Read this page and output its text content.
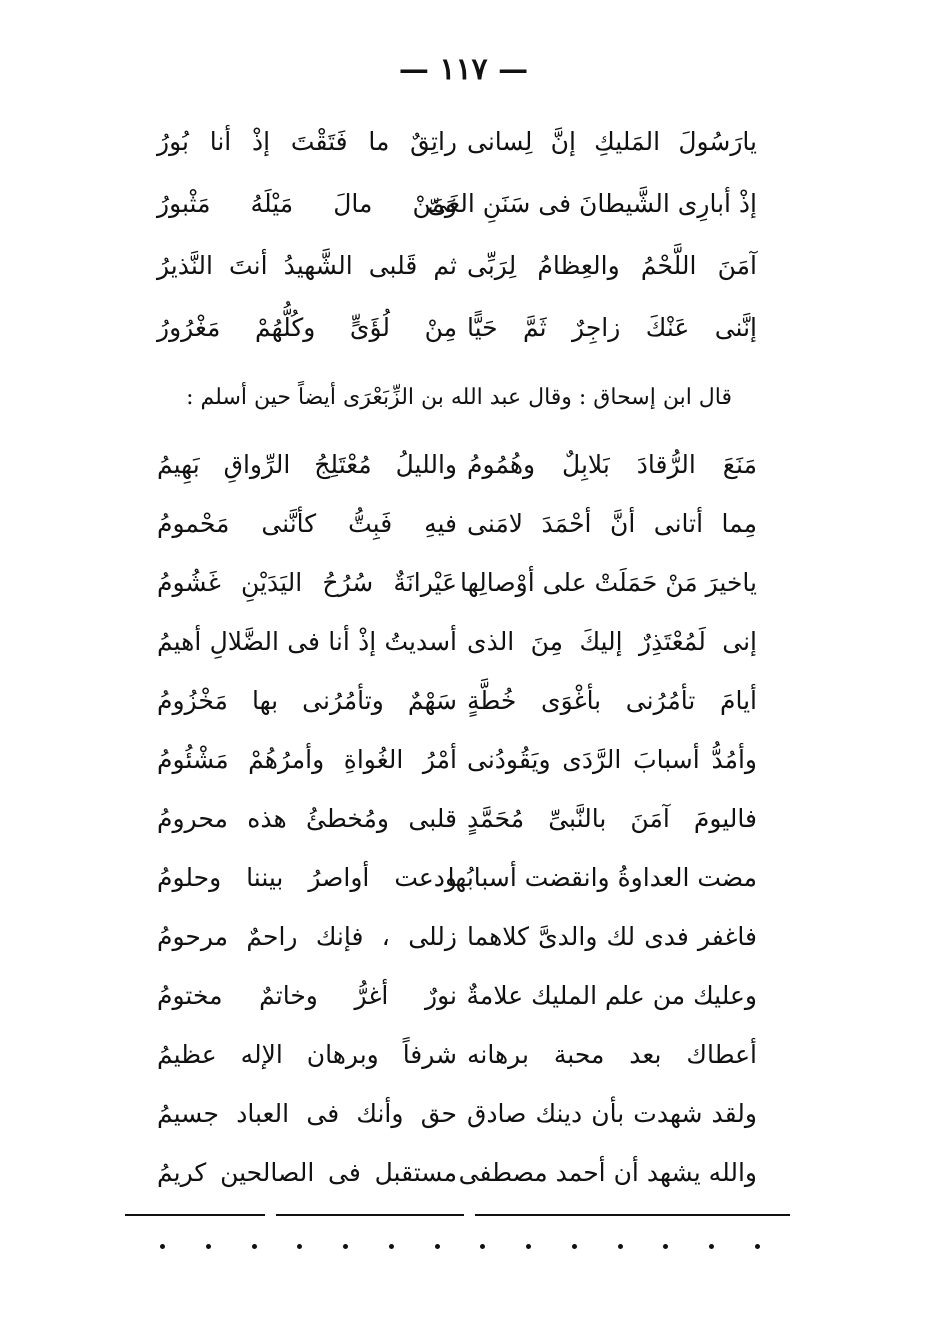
— ١١٧ —
يارَسُولَ المَليكِ إنَّ لِسانى
راتِقٌ ما فَتَقْتَ إذْ أنا بُورُ
إذْ أبارِى الشَّيطانَ فى سَنَنِ الغَىّ
وَمَنْ مالَ مَيْلَهُ مَثْبورُ
آمَنَ اللَّحْمُ والعِظامُ لِرَبِّى
ثم قَلبى الشَّهيدُ أنتَ النَّذيرُ
إنَّنى عَنْكَ زاجِرٌ ثَمَّ حَيًّا
مِنْ لُؤَىٍّ وكُلُّهُمْ مَغْرُورُ
قال ابن إسحاق : وقال عبد الله بن الزِّبَعْرَى أيضاً حين أسلم :
مَنَعَ الرُّقادَ بَلابِلٌ وهُمُومُ
والليلُ مُعْتَلِجُ الرِّواقِ بَهِيمُ
مِما أتانى أنَّ أحْمَدَ لامَنى
فيهِ فَبِتُّ كأنَّنى مَحْمومُ
ياخيرَ مَنْ حَمَلَتْ على أوْصالِها
عَيْرانَةٌ سُرُحُ اليَدَيْنِ غَشُومُ
إنى لَمُعْتَذِرٌ إليكَ مِنَ الذى
أسديتُ إذْ أنا فى الضَّلالِ أهيمُ
أيامَ تأمُرُنى بأغْوَى خُطَّةٍ
سَهْمٌ وتأمُرُنى بها مَخْزُومُ
وأمُدُّ أسبابَ الرَّدَى ويَقُودُنى
أمْرُ الغُواةِ وأمرُهُمْ مَشْئُومُ
فاليومَ آمَنَ بالنَّبىِّ مُحَمَّدٍ
قلبى ومُخطئُ هذه محرومُ
مضت العداوةُ وانقضت أسبابُها
ودعت أواصرُ بيننا وحلومُ
فاغفر فدى لك والدىَّ كلاهما
زللى ، فإنك راحمٌ مرحومُ
وعليك من علم المليك علامةٌ
نورٌ أغرُّ وخاتمٌ مختومُ
أعطاك بعد محبة برهانه
شرفاً وبرهان الإله عظيمُ
ولقد شهدت بأن دينك صادق
حق وأنك فى العباد جسيمُ
والله يشهد أن أحمد مصطفى
مستقبل فى الصالحين كريمُ
